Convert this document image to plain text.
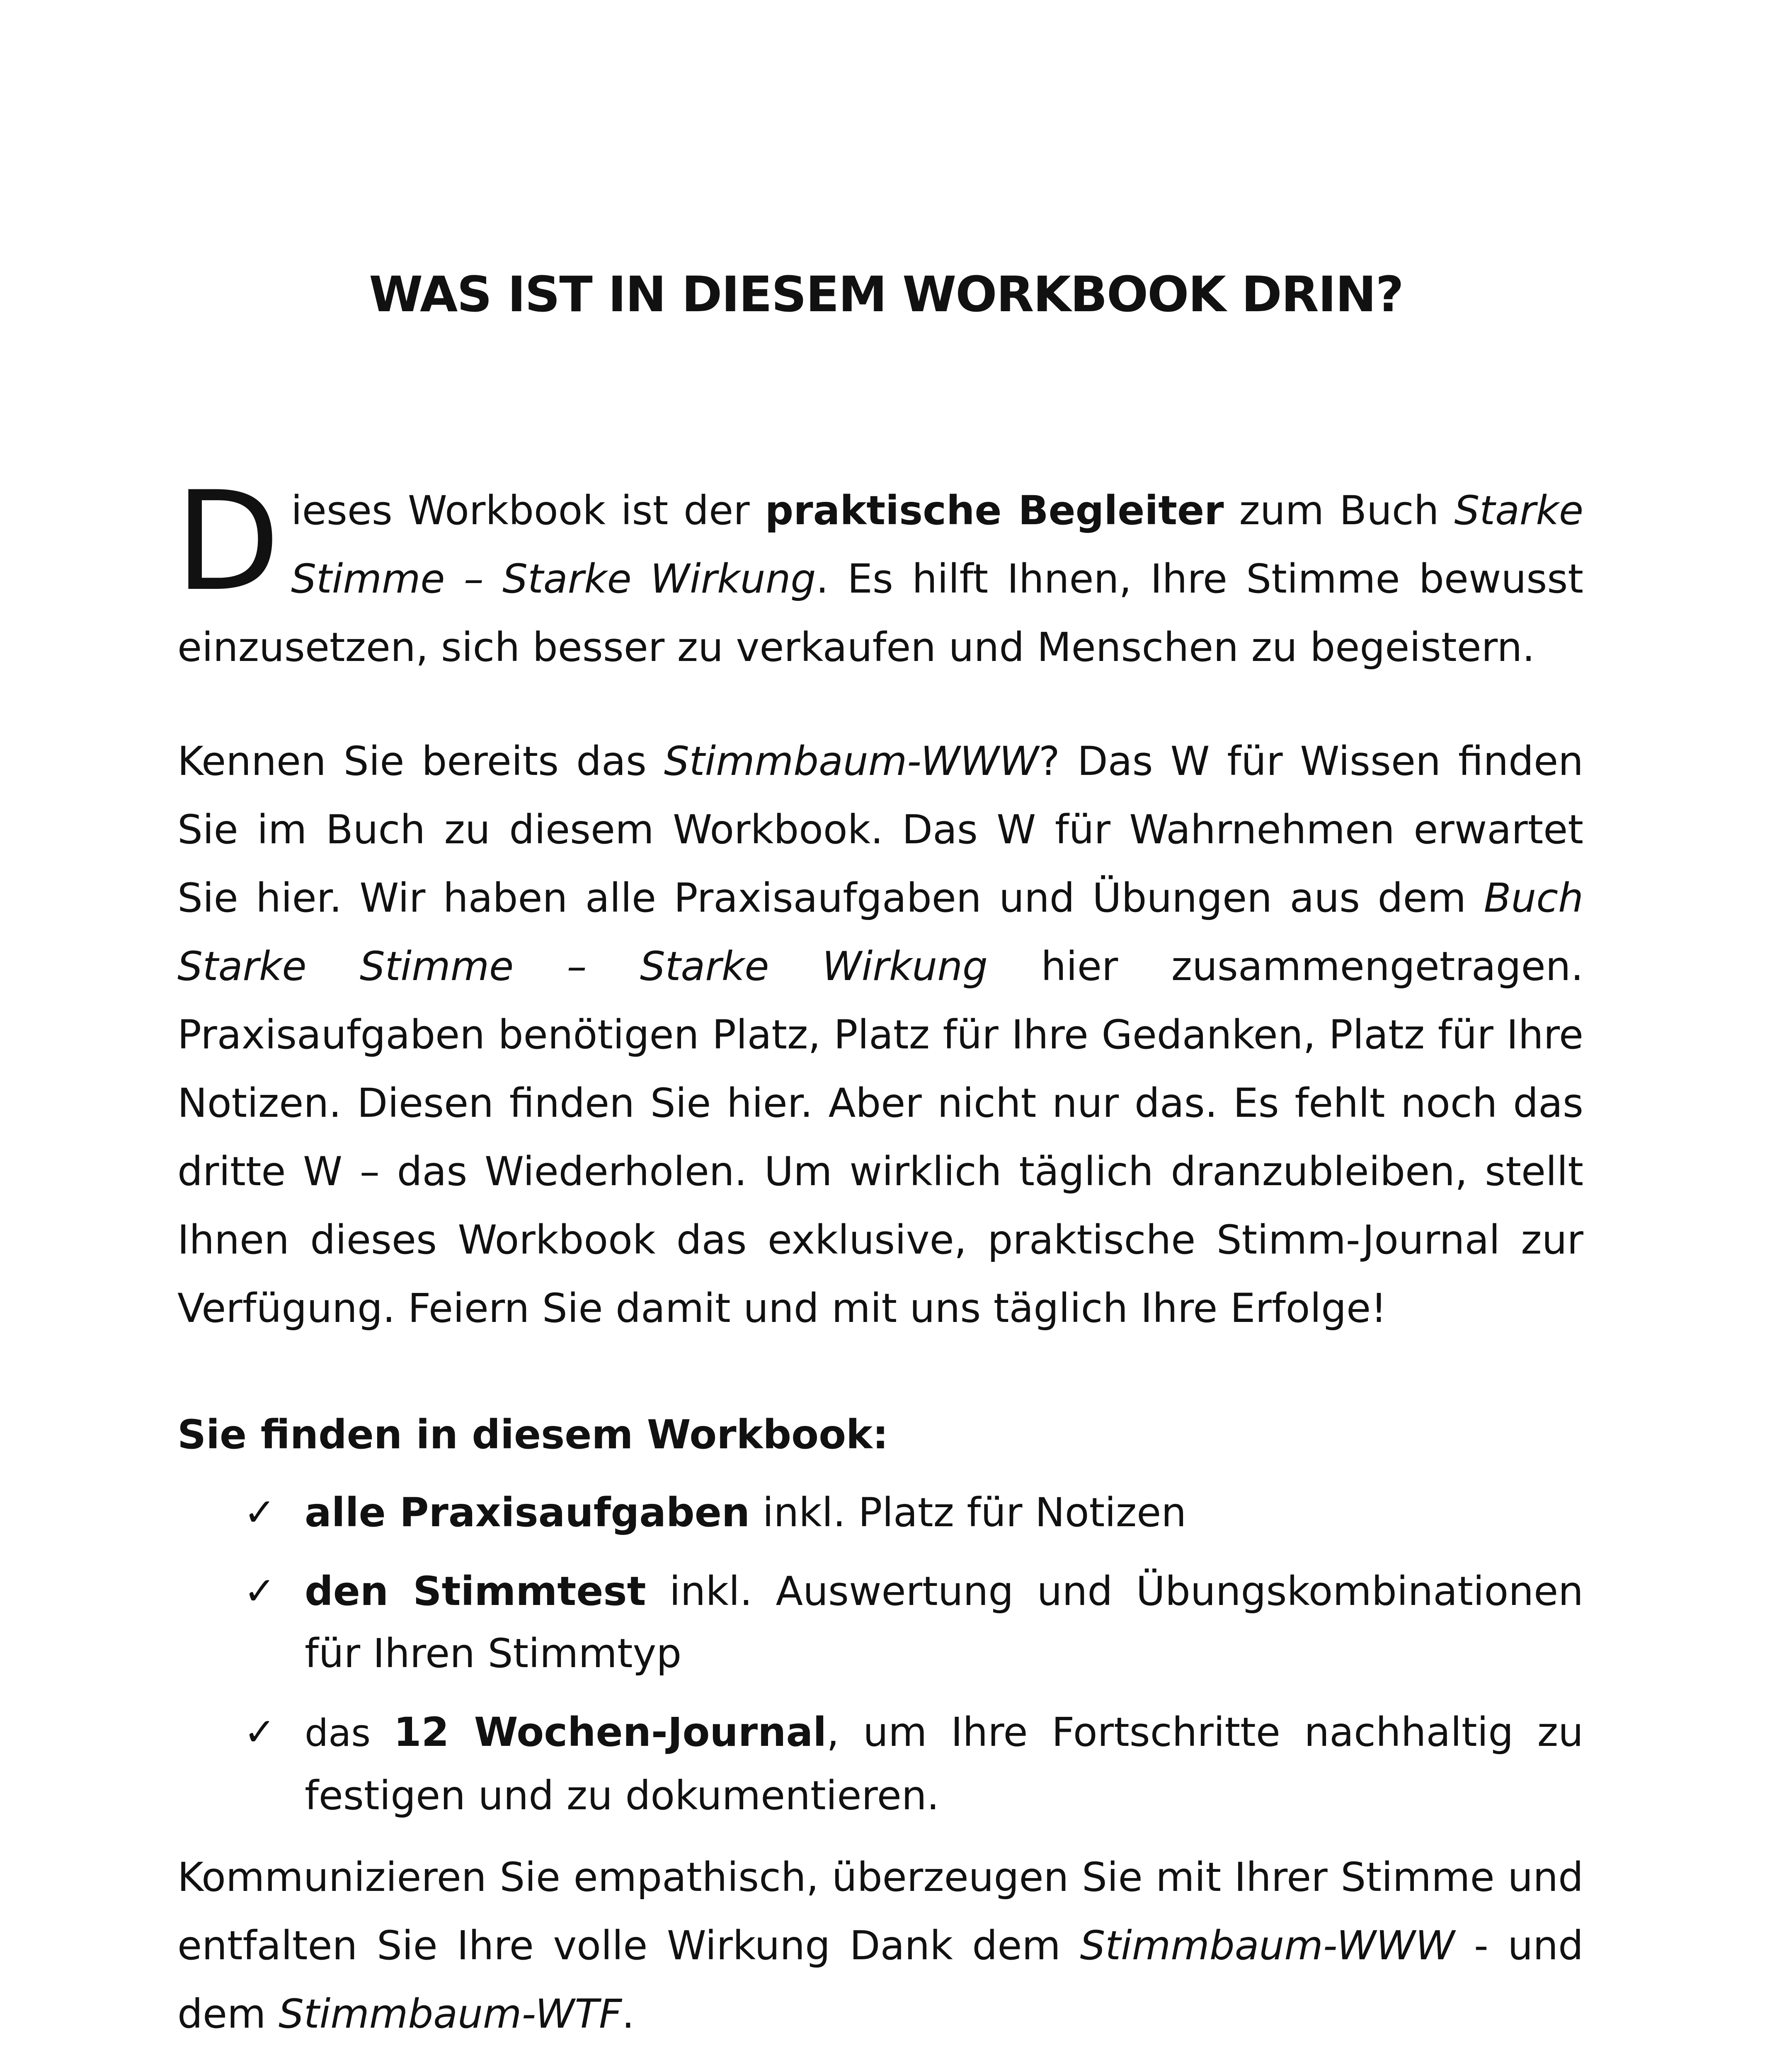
WAS IST IN DIESEM WORKBOOK DRIN?

Dieses Workbook ist der praktische Begleiter zum Buch Starke Stimme – Starke Wirkung. Es hilft Ihnen, Ihre Stimme bewusst einzusetzen, sich besser zu verkaufen und Menschen zu begeistern.

Kennen Sie bereits das Stimmbaum-WWW? Das W für Wissen finden Sie im Buch zu diesem Workbook. Das W für Wahrnehmen erwartet Sie hier. Wir haben alle Praxisaufgaben und Übungen aus dem Buch Starke Stimme – Starke Wirkung hier zusammengetragen. Praxisaufgaben benötigen Platz, Platz für Ihre Gedanken, Platz für Ihre Notizen. Diesen finden Sie hier. Aber nicht nur das. Es fehlt noch das dritte W – das Wiederholen. Um wirklich täglich dranzubleiben, stellt Ihnen dieses Workbook das exklusive, praktische Stimm-Journal zur Verfügung. Feiern Sie damit und mit uns täglich Ihre Erfolge!

Sie finden in diesem Workbook:

✓ alle Praxisaufgaben inkl. Platz für Notizen
✓ den Stimmtest inkl. Auswertung und Übungskombinationen für Ihren Stimmtyp
✓ das 12 Wochen-Journal, um Ihre Fortschritte nachhaltig zu festigen und zu dokumentieren.

Kommunizieren Sie empathisch, überzeugen Sie mit Ihrer Stimme und entfalten Sie Ihre volle Wirkung Dank dem Stimmbaum-WWW - und dem Stimmbaum-WTF.
